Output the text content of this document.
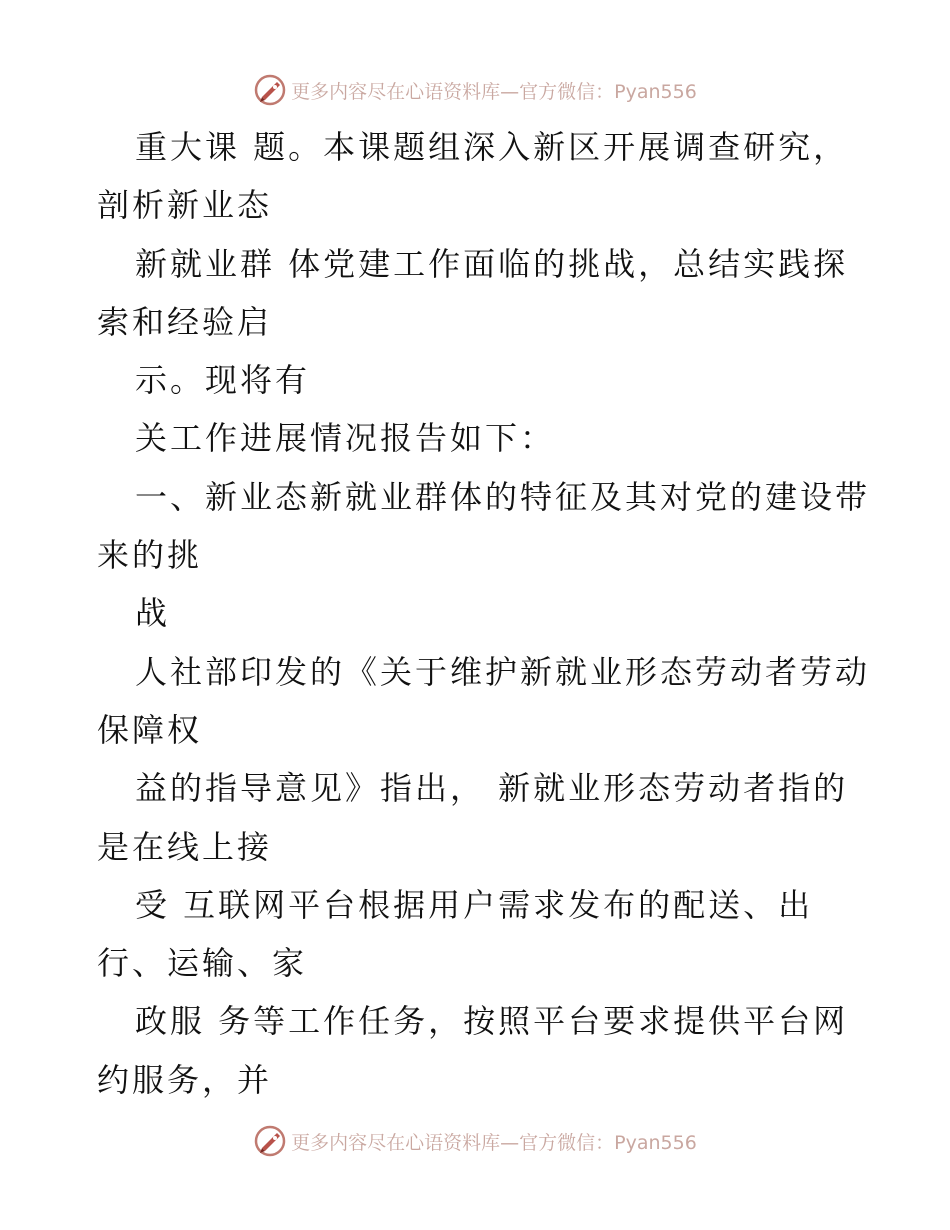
更多内容尽在心语资料库—官方微信：Pyan556
重大课 题。本课题组深入新区开展调查研究，
剖析新业态
新就业群 体党建工作面临的挑战，总结实践探
索和经验启
示。现将有
关工作进展情况报告如下：
一、新业态新就业群体的特征及其对党的建设带
来的挑
战
人社部印发的《关于维护新就业形态劳动者劳动
保障权
益的指导意见》指出， 新就业形态劳动者指的
是在线上接
受 互联网平台根据用户需求发布的配送、出
行、运输、家
政服 务等工作任务，按照平台要求提供平台网
约服务，并
更多内容尽在心语资料库—官方微信：Pyan556
